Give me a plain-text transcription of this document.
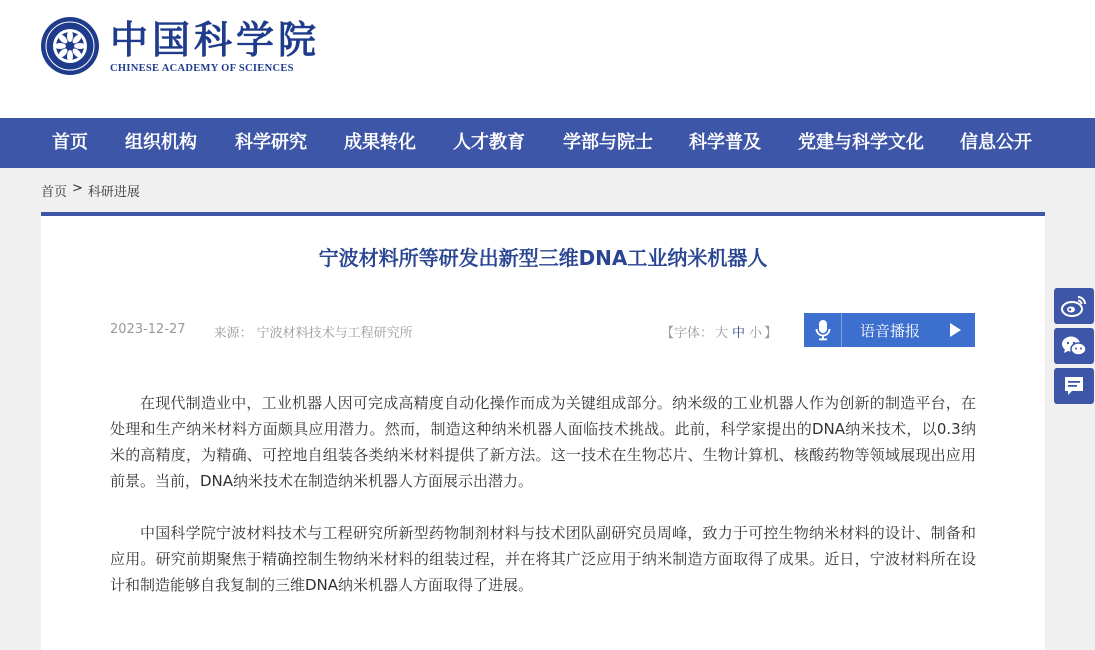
中国科学院
CHINESE ACADEMY OF SCIENCES
首页 组织机构 科学研究 成果转化 人才教育 学部与院士 科学普及 党建与科学文化 信息公开
首页 > 科研进展
宁波材料所等研发出新型三维DNA工业纳米机器人
2023-12-27 来源： 宁波材料技术与工程研究所	【字体： 大 中 小 】	语音播报

在现代制造业中，工业机器人因可完成高精度自动化操作而成为关键组成部分。纳米级的工业机器人作为创新的制造平台，在处理和生产纳米材料方面颇具应用潜力。然而，制造这种纳米机器人面临技术挑战。此前，科学家提出的DNA纳米技术，以0.3纳米的高精度，为精确、可控地自组装各类纳米材料提供了新方法。这一技术在生物芯片、生物计算机、核酸药物等领域展现出应用前景。当前，DNA纳米技术在制造纳米机器人方面展示出潜力。

中国科学院宁波材料技术与工程研究所新型药物制剂材料与技术团队副研究员周峰，致力于可控生物纳米材料的设计、制备和应用。研究前期聚焦于精确控制生物纳米材料的组装过程，并在将其广泛应用于纳米制造方面取得了成果。近日，宁波材料所在设计和制造能够自我复制的三维DNA纳米机器人方面取得了进展。
